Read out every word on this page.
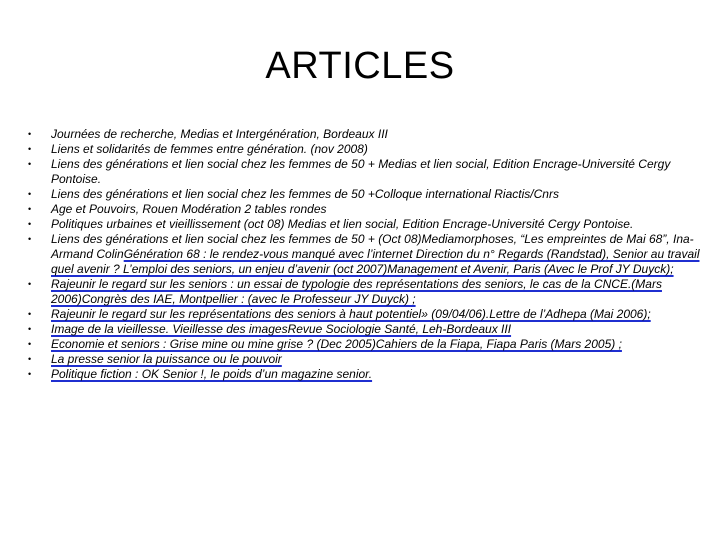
ARTICLES
• Journées de recherche, Medias et Intergénération, Bordeaux III
• Liens et solidarités de femmes entre génération. (nov 2008)
• Liens des générations et lien social chez les femmes de 50 + Medias et lien social, Edition Encrage-Université Cergy Pontoise.
• Liens des générations et lien social chez les femmes de 50 +Colloque international Riactis/Cnrs
• Age et Pouvoirs, Rouen Modération 2 tables rondes
• Politiques urbaines et vieillissement (oct 08) Medias et lien social, Edition Encrage-Université Cergy Pontoise.
• Liens des générations et lien social chez les femmes de 50 + (Oct 08)Mediamorphoses, “Les empreintes de Mai 68”, Ina-Armand ColinGénération 68 : le rendez-vous manqué avec l’internet Direction du n° Regards (Randstad), Senior au travail quel avenir ? L’emploi des seniors, un enjeu d’avenir (oct 2007)Management et Avenir, Paris (Avec le Prof JY Duyck);
• Rajeunir le regard sur les seniors : un essai de typologie des représentations des seniors, le cas de la CNCE.(Mars 2006)Congrès des IAE, Montpellier : (avec le Professeur JY Duyck) ;
• Rajeunir le regard sur les représentations des seniors à haut potentiel» (09/04/06).Lettre de l’Adhepa (Mai 2006);
• Image de la vieillesse. Vieillesse des imagesRevue Sociologie Santé, Leh-Bordeaux III
• Economie et seniors : Grise mine ou mine grise ? (Dec 2005)Cahiers de la Fiapa, Fiapa Paris (Mars 2005) ;
• La presse senior la puissance ou le pouvoir
• Politique fiction : OK Senior !, le poids d’un magazine senior.
